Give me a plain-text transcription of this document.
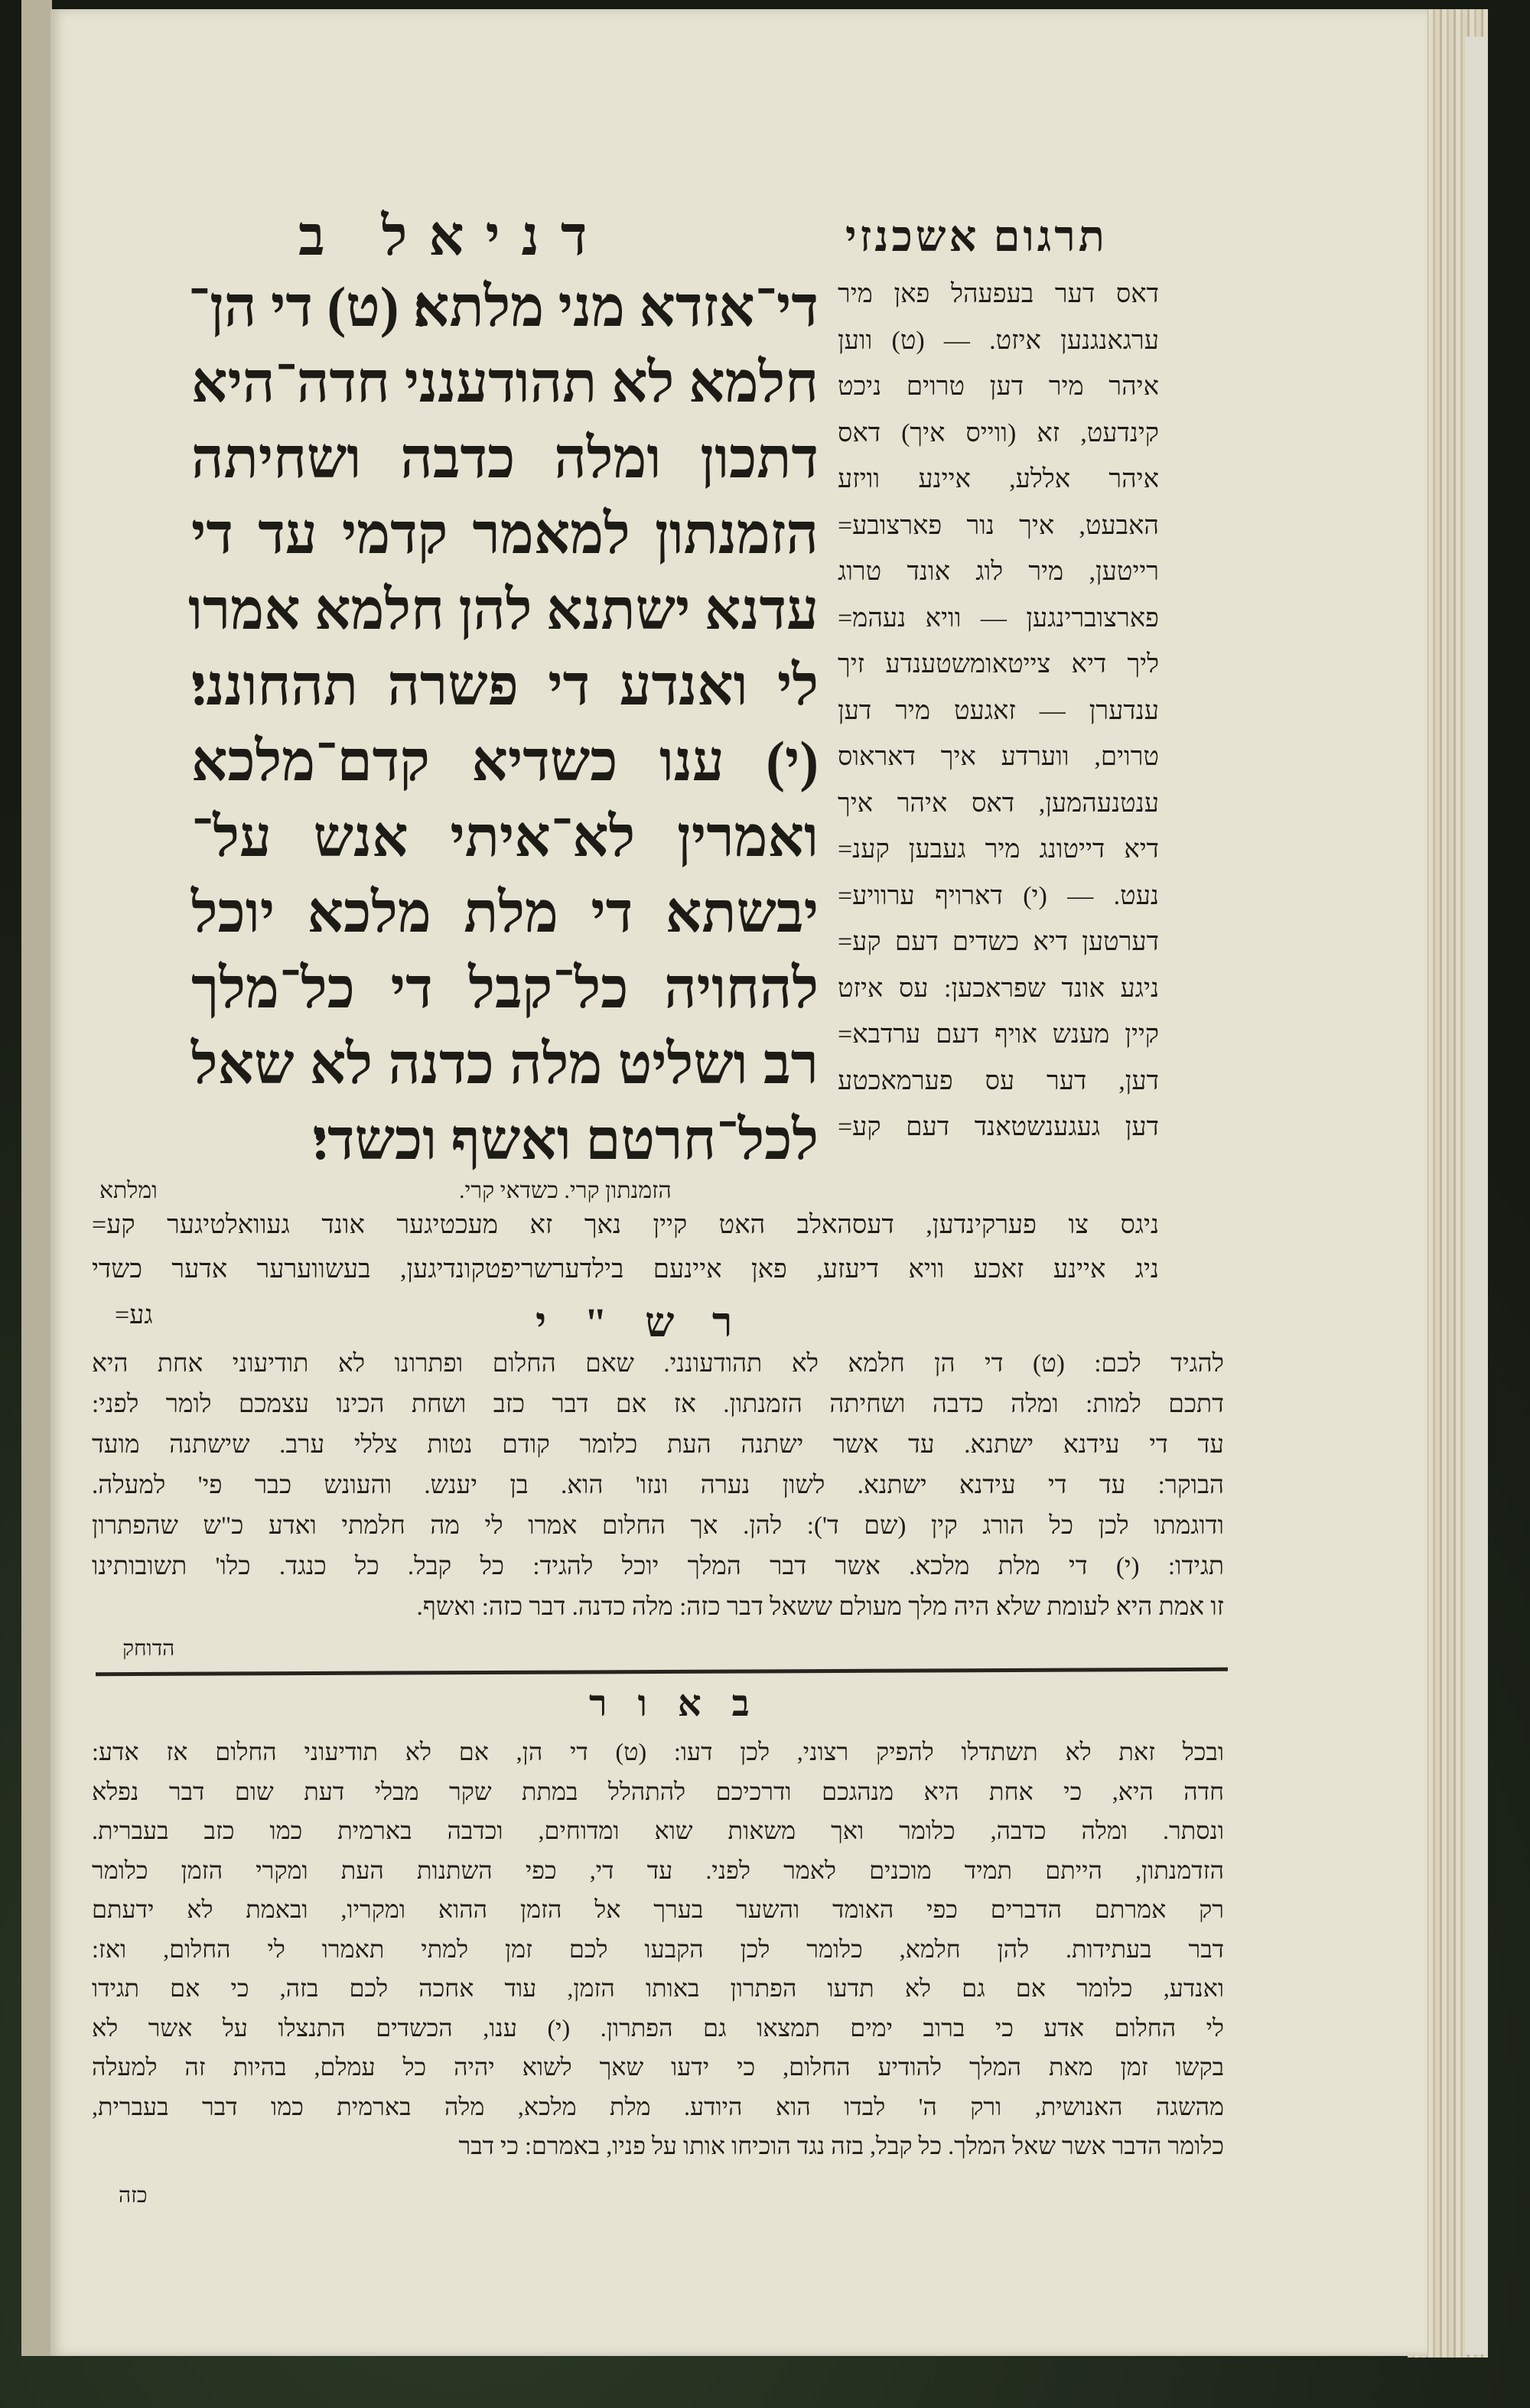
דניאל ב	תרגום אשכנזי
די־אזדא מני מלתא׃ (ט) די הן־
חלמא לא תהודענני חדה־היא
דתכון ומלה כדבה ושחיתה
הזמנתון למאמר קדמי עד די
עדנא ישתנא להן חלמא אמרו
לי ואנדע די פשרה תהחונני׃
(י) ענו כשדיא קדם־מלכא
ואמרין לא־איתי אנש על־
יבשתא די מלת מלכא יוכל
להחויה כל־קבל די כל־מלך
רב ושליט מלה כדנה לא שאל
לכל־חרטם ואשף וכשדי׃
דאס דער בעפעהל פאן מיר
ערגאנגנען איזט. — (ט) ווען
איהר מיר דען טרוים ניכט
קינדעט, זא (ווייס איך) דאס
איהר אללע, איינע וויזע
האבעט, איך נור פארצובע=
רייטען, מיר לוג אונד טרוג
פארצוברינגען — וויא נעהמ=
ליך דיא צייטאומשטענדע זיך
ענדערן — זאגעט מיר דען
טרוים, ווערדע איך דאראוס
ענטנעהמען, דאס איהר איך
דיא דייטונג מיר געבען קענ=
נעט. — (י) דארויף ערוויע=
דערטען דיא כשדים דעם קע=
ניגע אונד שפראכען: עס איזט
קיין מענש אויף דעם ערדבא=
דען, דער עס פערמאכטע
דען געגענשטאנד דעם קע=
הזמנתון קרי. כשדאי קרי.
ומלתא
ניגס צו פערקינדען, דעסהאלב האט קיין נאך זא מעכטיגער אונד געוואלטיגער קע=
ניג איינע זאכע וויא דיעזע, פאן איינעם בילדערשריפטקונדיגען, בעשווערער אדער כשדי
גע=	ר ש " י
להגיד לכם: (ט) די הן חלמא לא תהודעונני. שאם החלום ופתרונו לא תודיעוני אחת היא
דתכם למות: ומלה כדבה ושחיתה הזמנתון. אז אם דבר כזב ושחת הכינו עצמכם לומר לפני:
עד די עידנא ישתנא. עד אשר ישתנה העת כלומר קודם נטות צללי ערב. שישתנה מועד
הבוקר: עד די עידנא ישתנא. לשון נערה ונזו' הוא. בן יענש. והעונש כבר פי' למעלה.
ודוגמתו לכן כל הורג קין (שם ד'): להן. אך החלום אמרו לי מה חלמתי ואדע כ"ש שהפתרון
תגידו: (י) די מלת מלכא. אשר דבר המלך יוכל להגיד: כל קבל. כל כנגד. כלו' תשובותינו
זו אמת היא לעומת שלא היה מלך מעולם ששאל דבר כזה: מלה כדנה. דבר כזה: ואשף.
הדוחק
ב א ו ר
ובכל זאת לא תשתדלו להפיק רצוני, לכן דעו: (ט) די הן, אם לא תודיעוני החלום אז אדע:
חדה היא, כי אחת היא מנהגכם ודרכיכם להתהלל במתת שקר מבלי דעת שום דבר נפלא
ונסתר. ומלה כדבה, כלומר ואך משאות שוא ומדוחים, וכדבה בארמית כמו כזב בעברית.
הזדמנתון, הייתם תמיד מוכנים לאמר לפני. עד די, כפי השתנות העת ומקרי הזמן כלומר
רק אמרתם הדברים כפי האומד והשער בערך אל הזמן ההוא ומקריו, ובאמת לא ידעתם
דבר בעתידות. להן חלמא, כלומר לכן הקבעו לכם זמן למתי תאמרו לי החלום, ואז:
ואנדע, כלומר אם גם לא תדעו הפתרון באותו הזמן, עוד אחכה לכם בזה, כי אם תגידו
לי החלום אדע כי ברוב ימים תמצאו גם הפתרון. (י) ענו, הכשדים התנצלו על אשר לא
בקשו זמן מאת המלך להודיע החלום, כי ידעו שאך לשוא יהיה כל עמלם, בהיות זה למעלה
מהשגה האנושית, ורק ה' לבדו הוא היודע. מלת מלכא, מלה בארמית כמו דבר בעברית,
כלומר הדבר אשר שאל המלך. כל קבל, בזה נגד הוכיחו אותו על פניו, באמרם: כי דבר
כזה
